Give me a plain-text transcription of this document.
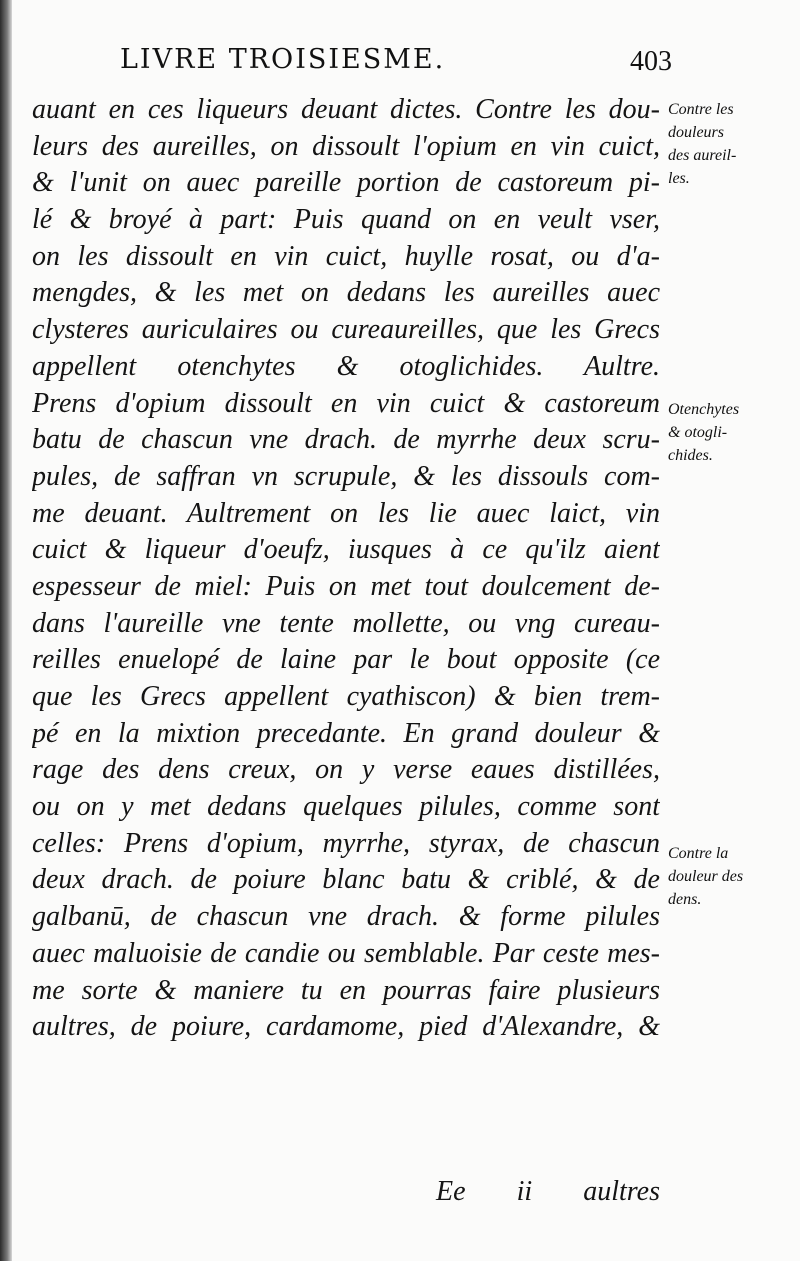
LIVRE TROISIESME.	403
auant en ces liqueurs deuant dictes. Contre les dou-
leurs des aureilles, on dissoult l'opium en vin cuict,
& l'unit on auec pareille portion de castoreum pi-
lé & broyé à part: Puis quand on en veult vser,
on les dissoult en vin cuict, huylle rosat, ou d'a-
mengdes, & les met on dedans les aureilles auec
clysteres auriculaires ou cureaureilles, que les Grecs
appellent otenchytes & otoglichides. Aultre.
Prens d'opium dissoult en vin cuict & castoreum
batu de chascun vne drach. de myrrhe deux scru-
pules, de saffran vn scrupule, & les dissouls com-
me deuant. Aultrement on les lie auec laict, vin
cuict & liqueur d'oeufz, iusques à ce qu'ilz aient
espesseur de miel: Puis on met tout doulcement de-
dans l'aureille vne tente mollette, ou vng cureau-
reilles enuelopé de laine par le bout opposite (ce
que les Grecs appellent cyathiscon) & bien trem-
pé en la mixtion precedante. En grand douleur &
rage des dens creux, on y verse eaues distillées,
ou on y met dedans quelques pilules, comme sont
celles: Prens d'opium, myrrhe, styrax, de chascun
deux drach. de poiure blanc batu & criblé, & de
galbanū, de chascun vne drach. & forme pilules
auec maluoisie de candie ou semblable. Par ceste mes-
me sorte & maniere tu en pourras faire plusieurs
aultres, de poiure, cardamome, pied d'Alexandre, &
Ee ii aultres
Contre les
douleurs
des aureil-
les.
Otenchytes
& otogli-
chides.
Contre la
douleur des
dens.
